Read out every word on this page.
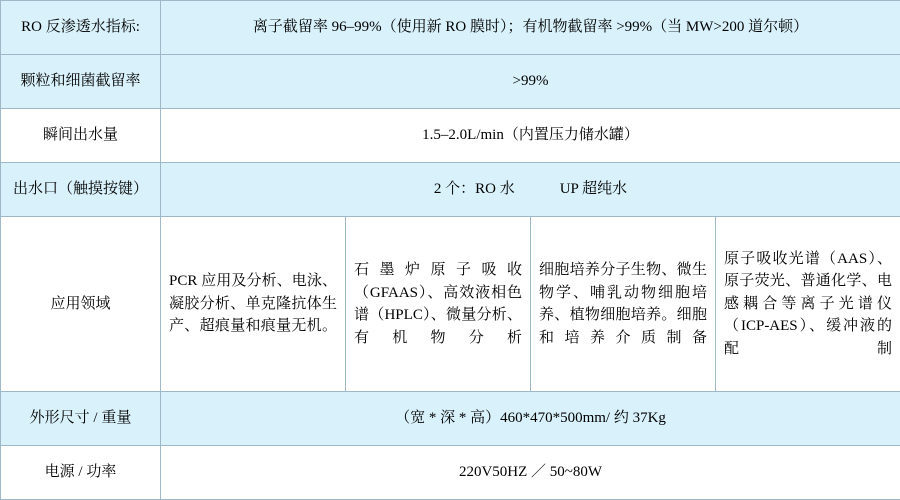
RO 反渗透水指标:	离子截留率 96–99%（使用新 RO 膜时）；有机物截留率 >99%（当 MW>200 道尔顿）			
颗粒和细菌截留率	>99%			
瞬间出水量	1.5–2.0L/min（内置压力储水罐）			
出水口（触摸按键）	2 个：RO 水　　　UP 超纯水			
应用领域	PCR 应用及分析、电泳、凝胶分析、单克隆抗体生产、超痕量和痕量无机。	石墨炉原子吸收（GFAAS）、高效液相色谱（HPLC）、微量分析、有机物分析	细胞培养分子生物、微生物学、哺乳动物细胞培养、植物细胞培养。细胞和培养介质制备	原子吸收光谱（AAS）、原子荧光、普通化学、电感耦合等离子光谱仪（ICP-AES）、缓冲液的配制

外形尺寸 / 重量	（宽 * 深 * 高）460*470*500mm/ 约 37Kg			
电源 / 功率	220V50HZ ／ 50~80W			
